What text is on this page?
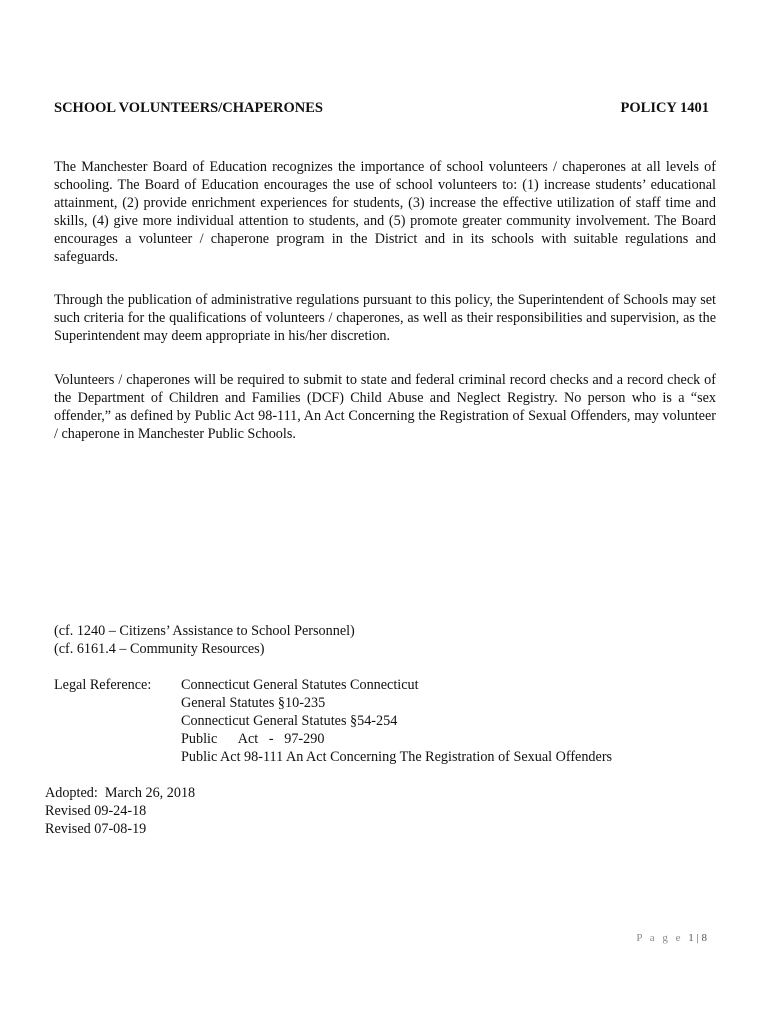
SCHOOL VOLUNTEERS/CHAPERONES	POLICY 1401

The Manchester Board of Education recognizes the importance of school volunteers / chaperones at all levels of schooling. The Board of Education encourages the use of school volunteers to: (1) increase students’ educational attainment, (2) provide enrichment experiences for students, (3) increase the effective utilization of staff time and skills, (4) give more individual attention to students, and (5) promote greater community involvement. The Board encourages a volunteer / chaperone program in the District and in its schools with suitable regulations and safeguards.

Through the publication of administrative regulations pursuant to this policy, the Superintendent of Schools may set such criteria for the qualifications of volunteers / chaperones, as well as their responsibilities and supervision, as the Superintendent may deem appropriate in his/her discretion.

Volunteers / chaperones will be required to submit to state and federal criminal record checks and a record check of the Department of Children and Families (DCF) Child Abuse and Neglect Registry. No person who is a “sex offender,” as defined by Public Act 98-111, An Act Concerning the Registration of Sexual Offenders, may volunteer / chaperone in Manchester Public Schools.

(cf. 1240 – Citizens’ Assistance to School Personnel)
(cf. 6161.4 – Community Resources)
Legal Reference: Connecticut General Statutes Connecticut
General Statutes §10-235
Connecticut General Statutes §54-254
Public      Act   -   97-290
Public Act 98-111 An Act Concerning The Registration of Sexual Offenders
Adopted:  March 26, 2018
Revised 09-24-18
Revised 07-08-19
P a g e 1 | 8
